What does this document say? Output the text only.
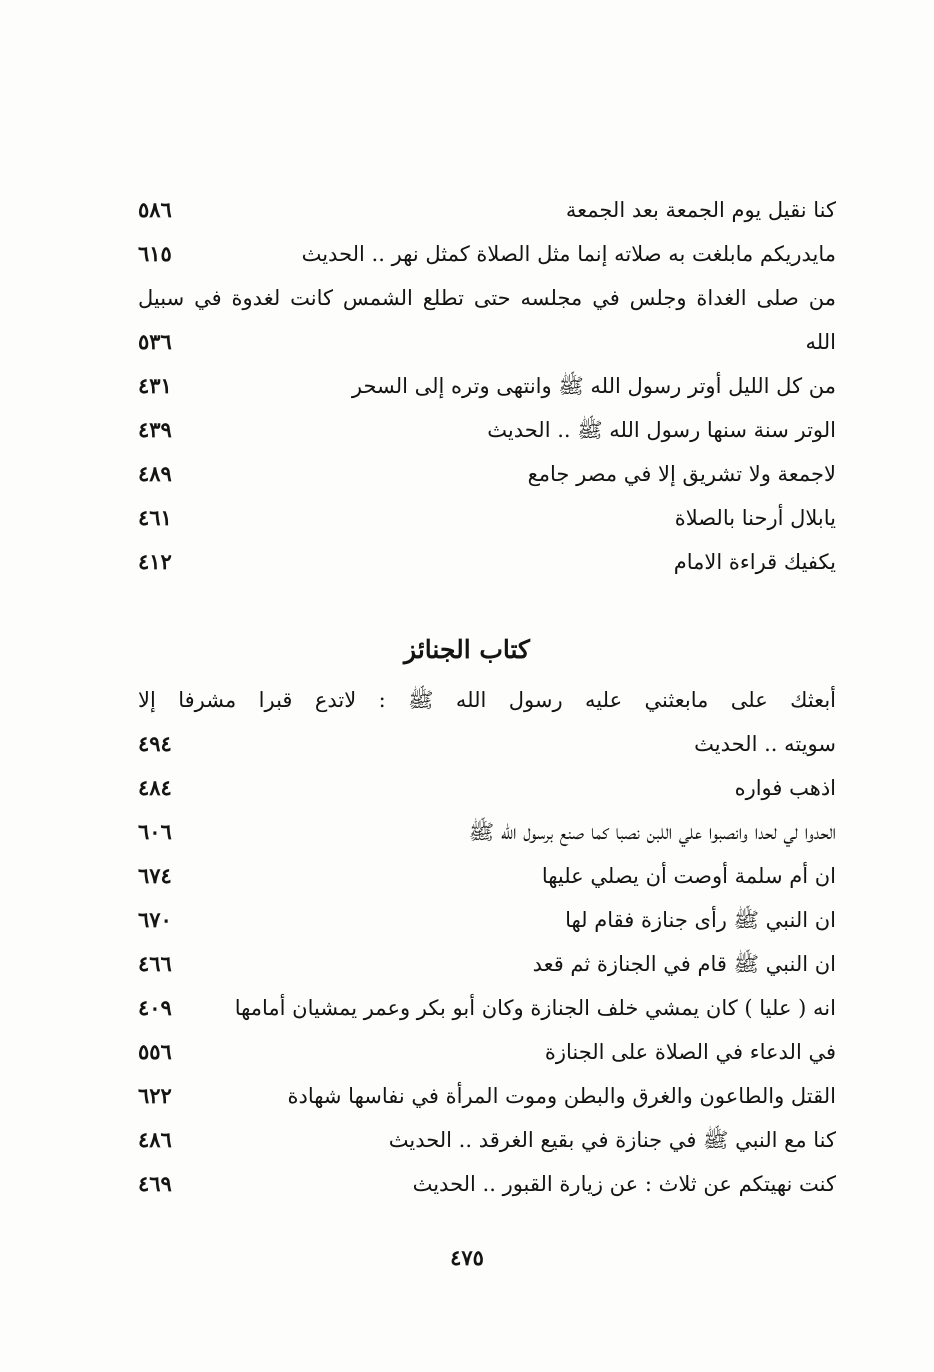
كنا نقيل يوم الجمعة بعد الجمعة
٥٨٦
مايدريكم مابلغت به صلاته إنما مثل الصلاة كمثل نهر .. الحديث
٦١٥
من صلى الغداة وجلس في مجلسه حتى تطلع الشمس كانت لغدوة في سبيل
الله
٥٣٦
من كل الليل أوتر رسول الله ﷺ وانتهى وتره إلى السحر
٤٣١
الوتر سنة سنها رسول الله ﷺ .. الحديث
٤٣٩
لاجمعة ولا تشريق إلا في مصر جامع
٤٨٩
يابلال أرحنا بالصلاة
٤٦١
يكفيك قراءة الامام
٤١٢
كتاب الجنائز
أبعثك على مابعثني عليه رسول الله ﷺ : لاتدع قبرا مشرفا إلا
سويته .. الحديث
٤٩٤
اذهب فواره
٤٨٤
الحدوا لي لحدا وانصبوا علي اللبن نصبا كما صنع برسول الله ﷺ
٦٠٦
ان أم سلمة أوصت أن يصلي عليها
٦٧٤
ان النبي ﷺ رأى جنازة فقام لها
٦٧٠
ان النبي ﷺ قام في الجنازة ثم قعد
٤٦٦
انه ( عليا ) كان يمشي خلف الجنازة وكان أبو بكر وعمر يمشيان أمامها
٤٠٩
في الدعاء في الصلاة على الجنازة
٥٥٦
القتل والطاعون والغرق والبطن وموت المرأة في نفاسها شهادة
٦٢٢
كنا مع النبي ﷺ في جنازة في بقيع الغرقد .. الحديث
٤٨٦
كنت نهيتكم عن ثلاث : عن زيارة القبور .. الحديث
٤٦٩
٤٧٥
